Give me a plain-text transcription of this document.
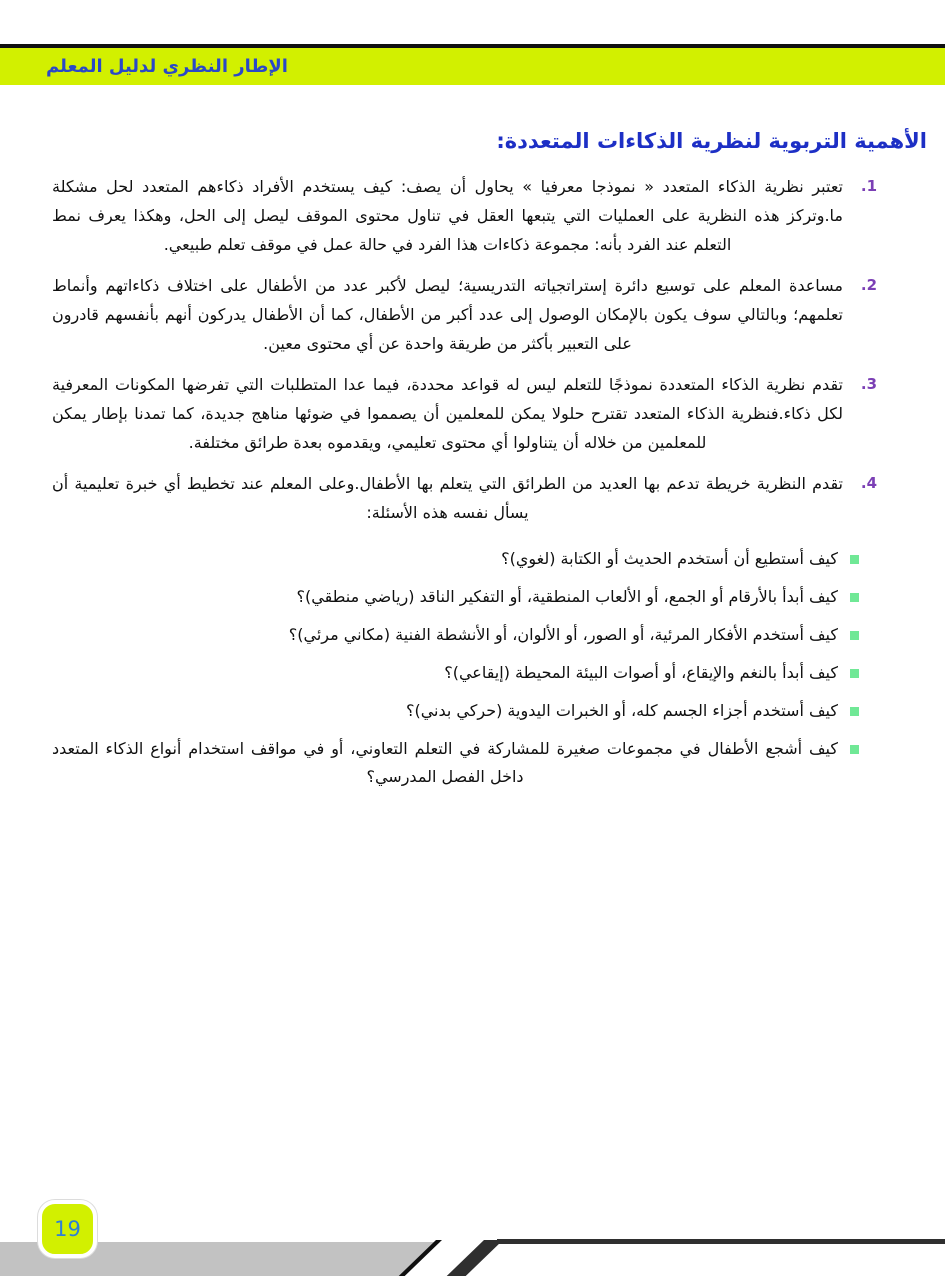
الإطار النظري لدليل المعلم
الأهمية التربوية لنظرية الذكاءات المتعددة:
1.

تعتبر نظرية الذكاء المتعدد « نموذجا معرفيا » يحاول أن يصف: كيف يستخدم الأفراد ذكاءهم المتعدد لحل مشكلة ما.وتركز هذه النظرية على العمليات التي يتبعها العقل في تناول محتوى الموقف ليصل إلى الحل، وهكذا يعرف نمط التعلم عند الفرد بأنه: مجموعة ذكاءات هذا الفرد في حالة عمل في موقف تعلم طبيعي.

2.

مساعدة المعلم على توسيع دائرة إستراتجياته التدريسية؛ ليصل لأكبر عدد من الأطفال على اختلاف ذكاءاتهم وأنماط تعلمهم؛ وبالتالي سوف يكون بالإمكان الوصول إلى عدد أكبر من الأطفال، كما أن الأطفال يدركون أنهم بأنفسهم قادرون على التعبير بأكثر من طريقة واحدة عن أي محتوى معين.

3.

تقدم نظرية الذكاء المتعددة نموذجًا للتعلم ليس له قواعد محددة، فيما عدا المتطلبات التي تفرضها المكونات المعرفية لكل ذكاء.فنظرية الذكاء المتعدد تقترح حلولا يمكن للمعلمين أن يصمموا في ضوئها مناهج جديدة، كما تمدنا بإطار يمكن للمعلمين من خلاله أن يتناولوا أي محتوى تعليمي، ويقدموه بعدة طرائق مختلفة.

4.

تقدم النظرية خريطة تدعم بها العديد من الطرائق التي يتعلم بها الأطفال.وعلى المعلم عند تخطيط أي خبرة تعليمية أن يسأل نفسه هذه الأسئلة:

كيف أستطيع أن أستخدم الحديث أو الكتابة (لغوي)؟
كيف أبدأ بالأرقام أو الجمع، أو الألعاب المنطقية، أو التفكير الناقد (رياضي منطقي)؟
كيف أستخدم الأفكار المرئية، أو الصور، أو الألوان، أو الأنشطة الفنية (مكاني مرئي)؟
كيف أبدأ بالنغم والإيقاع، أو أصوات البيئة المحيطة (إيقاعي)؟
كيف أستخدم أجزاء الجسم كله، أو الخبرات اليدوية (حركي بدني)؟
كيف أشجع الأطفال في مجموعات صغيرة للمشاركة في التعلم التعاوني، أو في مواقف استخدام أنواع الذكاء المتعدد داخل الفصل المدرسي؟
19
